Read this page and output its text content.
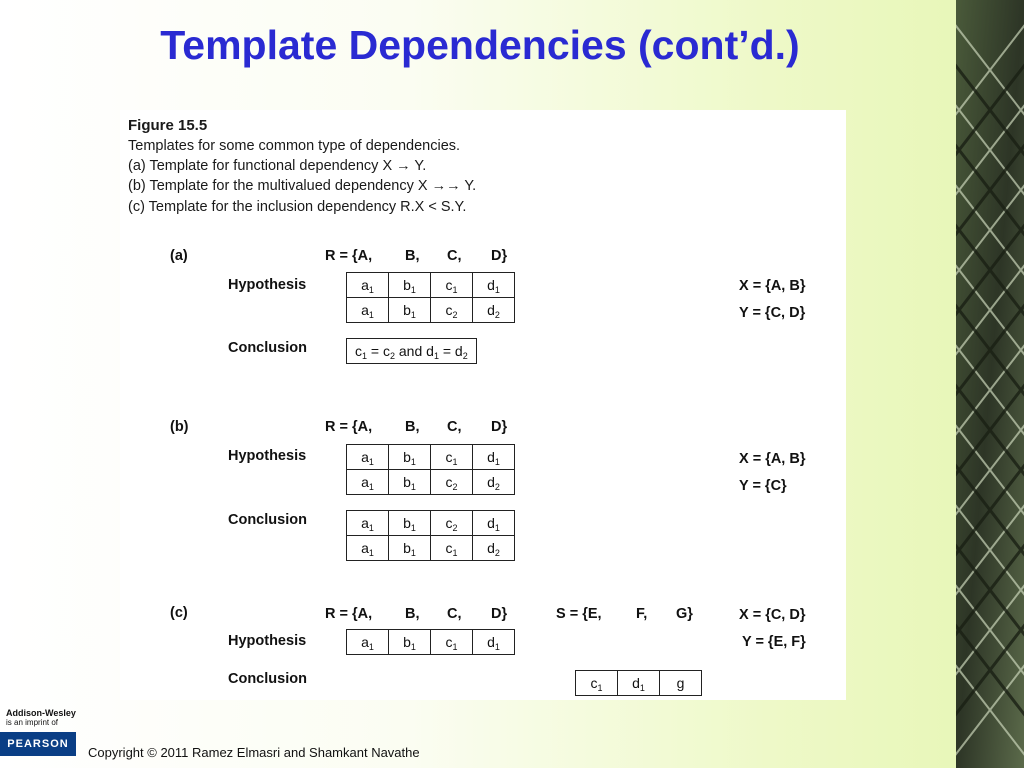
Template Dependencies (cont’d.)
Figure 15.5
Templates for some common type of dependencies.
(a) Template for functional dependency X → Y.
(b) Template for the multivalued dependency X →→ Y.
(c) Template for the inclusion dependency R.X < S.Y.
(a)	R = {A, B, C, D}
Hypothesis	$a_1$	$b_1$	$c_1$	$d_1$
$a_1$	$b_1$	$c_2$	$d_2$
X = {A, B}
Y = {C, D}
Conclusion	$c_1 = c_2$ and $d_1 = d_2$
(b)	R = {A, B, C, D}
Hypothesis	$a_1$	$b_1$	$c_1$	$d_1$
$a_1$	$b_1$	$c_2$	$d_2$
X = {A, B}
Y = {C}
Conclusion	$a_1$	$b_1$	$c_2$	$d_1$
$a_1$	$b_1$	$c_1$	$d_2$
(c)	R = {A, B, C, D}	S = {E, F, G}	X = {C, D}
Y = {E, F}
Hypothesis	$a_1$	$b_1$	$c_1$	$d_1$
Conclusion	$c_1$	$d_1$	g
Addison-Wesley
is an imprint of
PEARSON
Copyright © 2011 Ramez Elmasri and Shamkant Navathe
